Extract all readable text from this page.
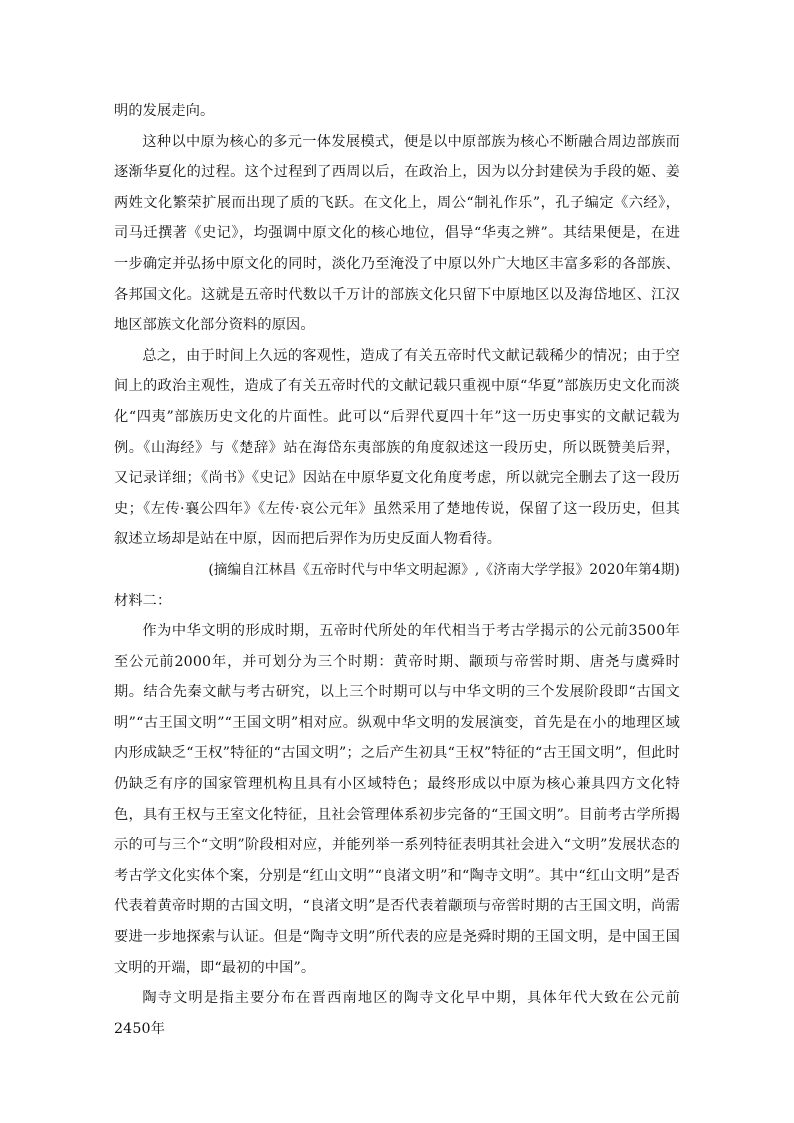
明的发展走向。

这种以中原为核心的多元一体发展模式，便是以中原部族为核心不断融合周边部族而逐渐华夏化的过程。这个过程到了西周以后，在政治上，因为以分封建侯为手段的姬、姜两姓文化繁荣扩展而出现了质的飞跃。在文化上，周公“制礼作乐”，孔子编定《六经》，司马迁撰著《史记》，均强调中原文化的核心地位，倡导“华夷之辨”。其结果便是，在进一步确定并弘扬中原文化的同时，淡化乃至淹没了中原以外广大地区丰富多彩的各部族、各邦国文化。这就是五帝时代数以千万计的部族文化只留下中原地区以及海岱地区、江汉地区部族文化部分资料的原因。

总之，由于时间上久远的客观性，造成了有关五帝时代文献记载稀少的情况；由于空间上的政治主观性，造成了有关五帝时代的文献记载只重视中原“华夏”部族历史文化而淡化“四夷”部族历史文化的片面性。此可以“后羿代夏四十年”这一历史事实的文献记载为例。《山海经》与《楚辞》站在海岱东夷部族的角度叙述这一段历史，所以既赞美后羿，又记录详细；《尚书》《史记》因站在中原华夏文化角度考虑，所以就完全删去了这一段历史；《左传·襄公四年》《左传·哀公元年》虽然采用了楚地传说，保留了这一段历史，但其叙述立场却是站在中原，因而把后羿作为历史反面人物看待。

(摘编自江林昌《五帝时代与中华文明起源》,《济南大学学报》2020年第4期)

材料二：

作为中华文明的形成时期，五帝时代所处的年代相当于考古学揭示的公元前3500年至公元前2000年，并可划分为三个时期：黄帝时期、颛顼与帝喾时期、唐尧与虞舜时期。结合先秦文献与考古研究，以上三个时期可以与中华文明的三个发展阶段即“古国文明”“古王国文明”“王国文明”相对应。纵观中华文明的发展演变，首先是在小的地理区域内形成缺乏“王权”特征的“古国文明”；之后产生初具“王权”特征的“古王国文明”，但此时仍缺乏有序的国家管理机构且具有小区域特色；最终形成以中原为核心兼具四方文化特色，具有王权与王室文化特征，且社会管理体系初步完备的“王国文明”。目前考古学所揭示的可与三个“文明”阶段相对应，并能列举一系列特征表明其社会进入“文明”发展状态的考古学文化实体个案，分别是“红山文明”“良渚文明”和“陶寺文明”。其中“红山文明”是否代表着黄帝时期的古国文明，“良渚文明”是否代表着颛顼与帝喾时期的古王国文明，尚需要进一步地探索与认证。但是“陶寺文明”所代表的应是尧舜时期的王国文明，是中国王国文明的开端，即“最初的中国”。

陶寺文明是指主要分布在晋西南地区的陶寺文化早中期，具体年代大致在公元前2450年
